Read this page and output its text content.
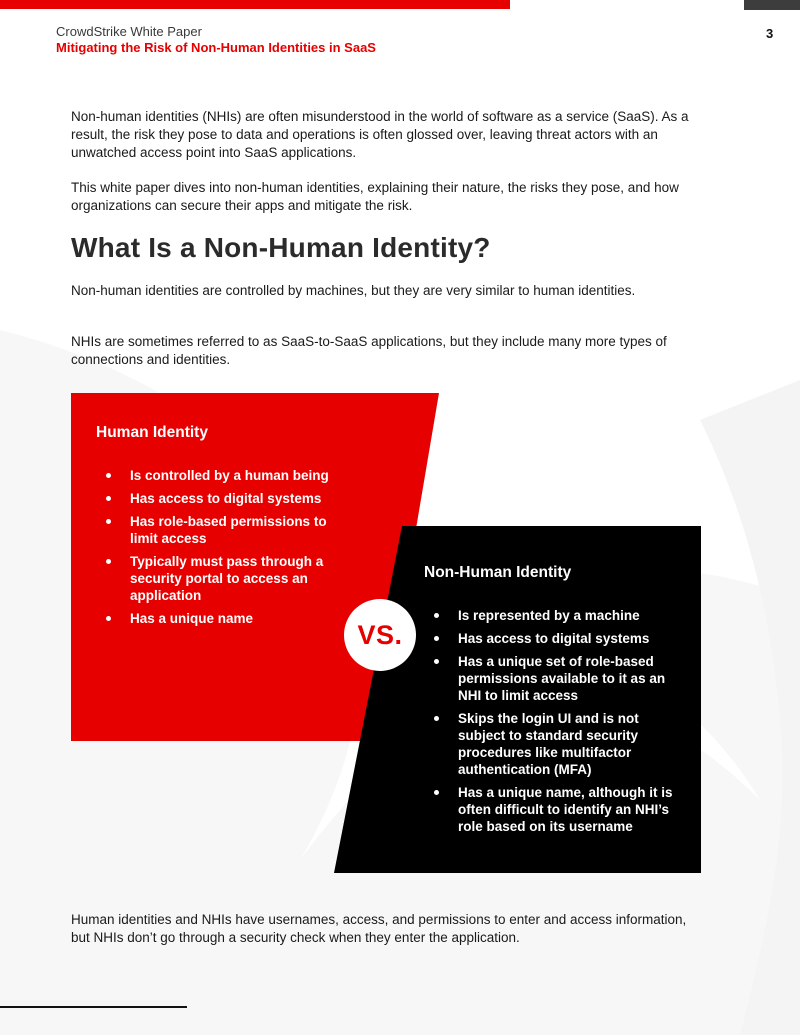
CrowdStrike White Paper
Mitigating the Risk of Non-Human Identities in SaaS
3

Non-human identities (NHIs) are often misunderstood in the world of software as a service (SaaS). As a result, the risk they pose to data and operations is often glossed over, leaving threat actors with an unwatched access point into SaaS applications.

This white paper dives into non-human identities, explaining their nature, the risks they pose, and how organizations can secure their apps and mitigate the risk.

What Is a Non-Human Identity?

Non-human identities are controlled by machines, but they are very similar to human identities.

NHIs are sometimes referred to as SaaS-to-SaaS applications, but they include many more types of connections and identities.

Human Identity
Is controlled by a human being
Has access to digital systems
Has role-based permissions to limit access
Typically must pass through a security portal to access an application
Has a unique name
Non-Human Identity
Is represented by a machine
Has access to digital systems
Has a unique set of role-based permissions available to it as an NHI to limit access
Skips the login UI and is not subject to standard security procedures like multifactor authentication (MFA)
Has a unique name, although it is often difficult to identify an NHI’s role based on its username
VS.

Human identities and NHIs have usernames, access, and permissions to enter and access information, but NHIs don’t go through a security check when they enter the application.
